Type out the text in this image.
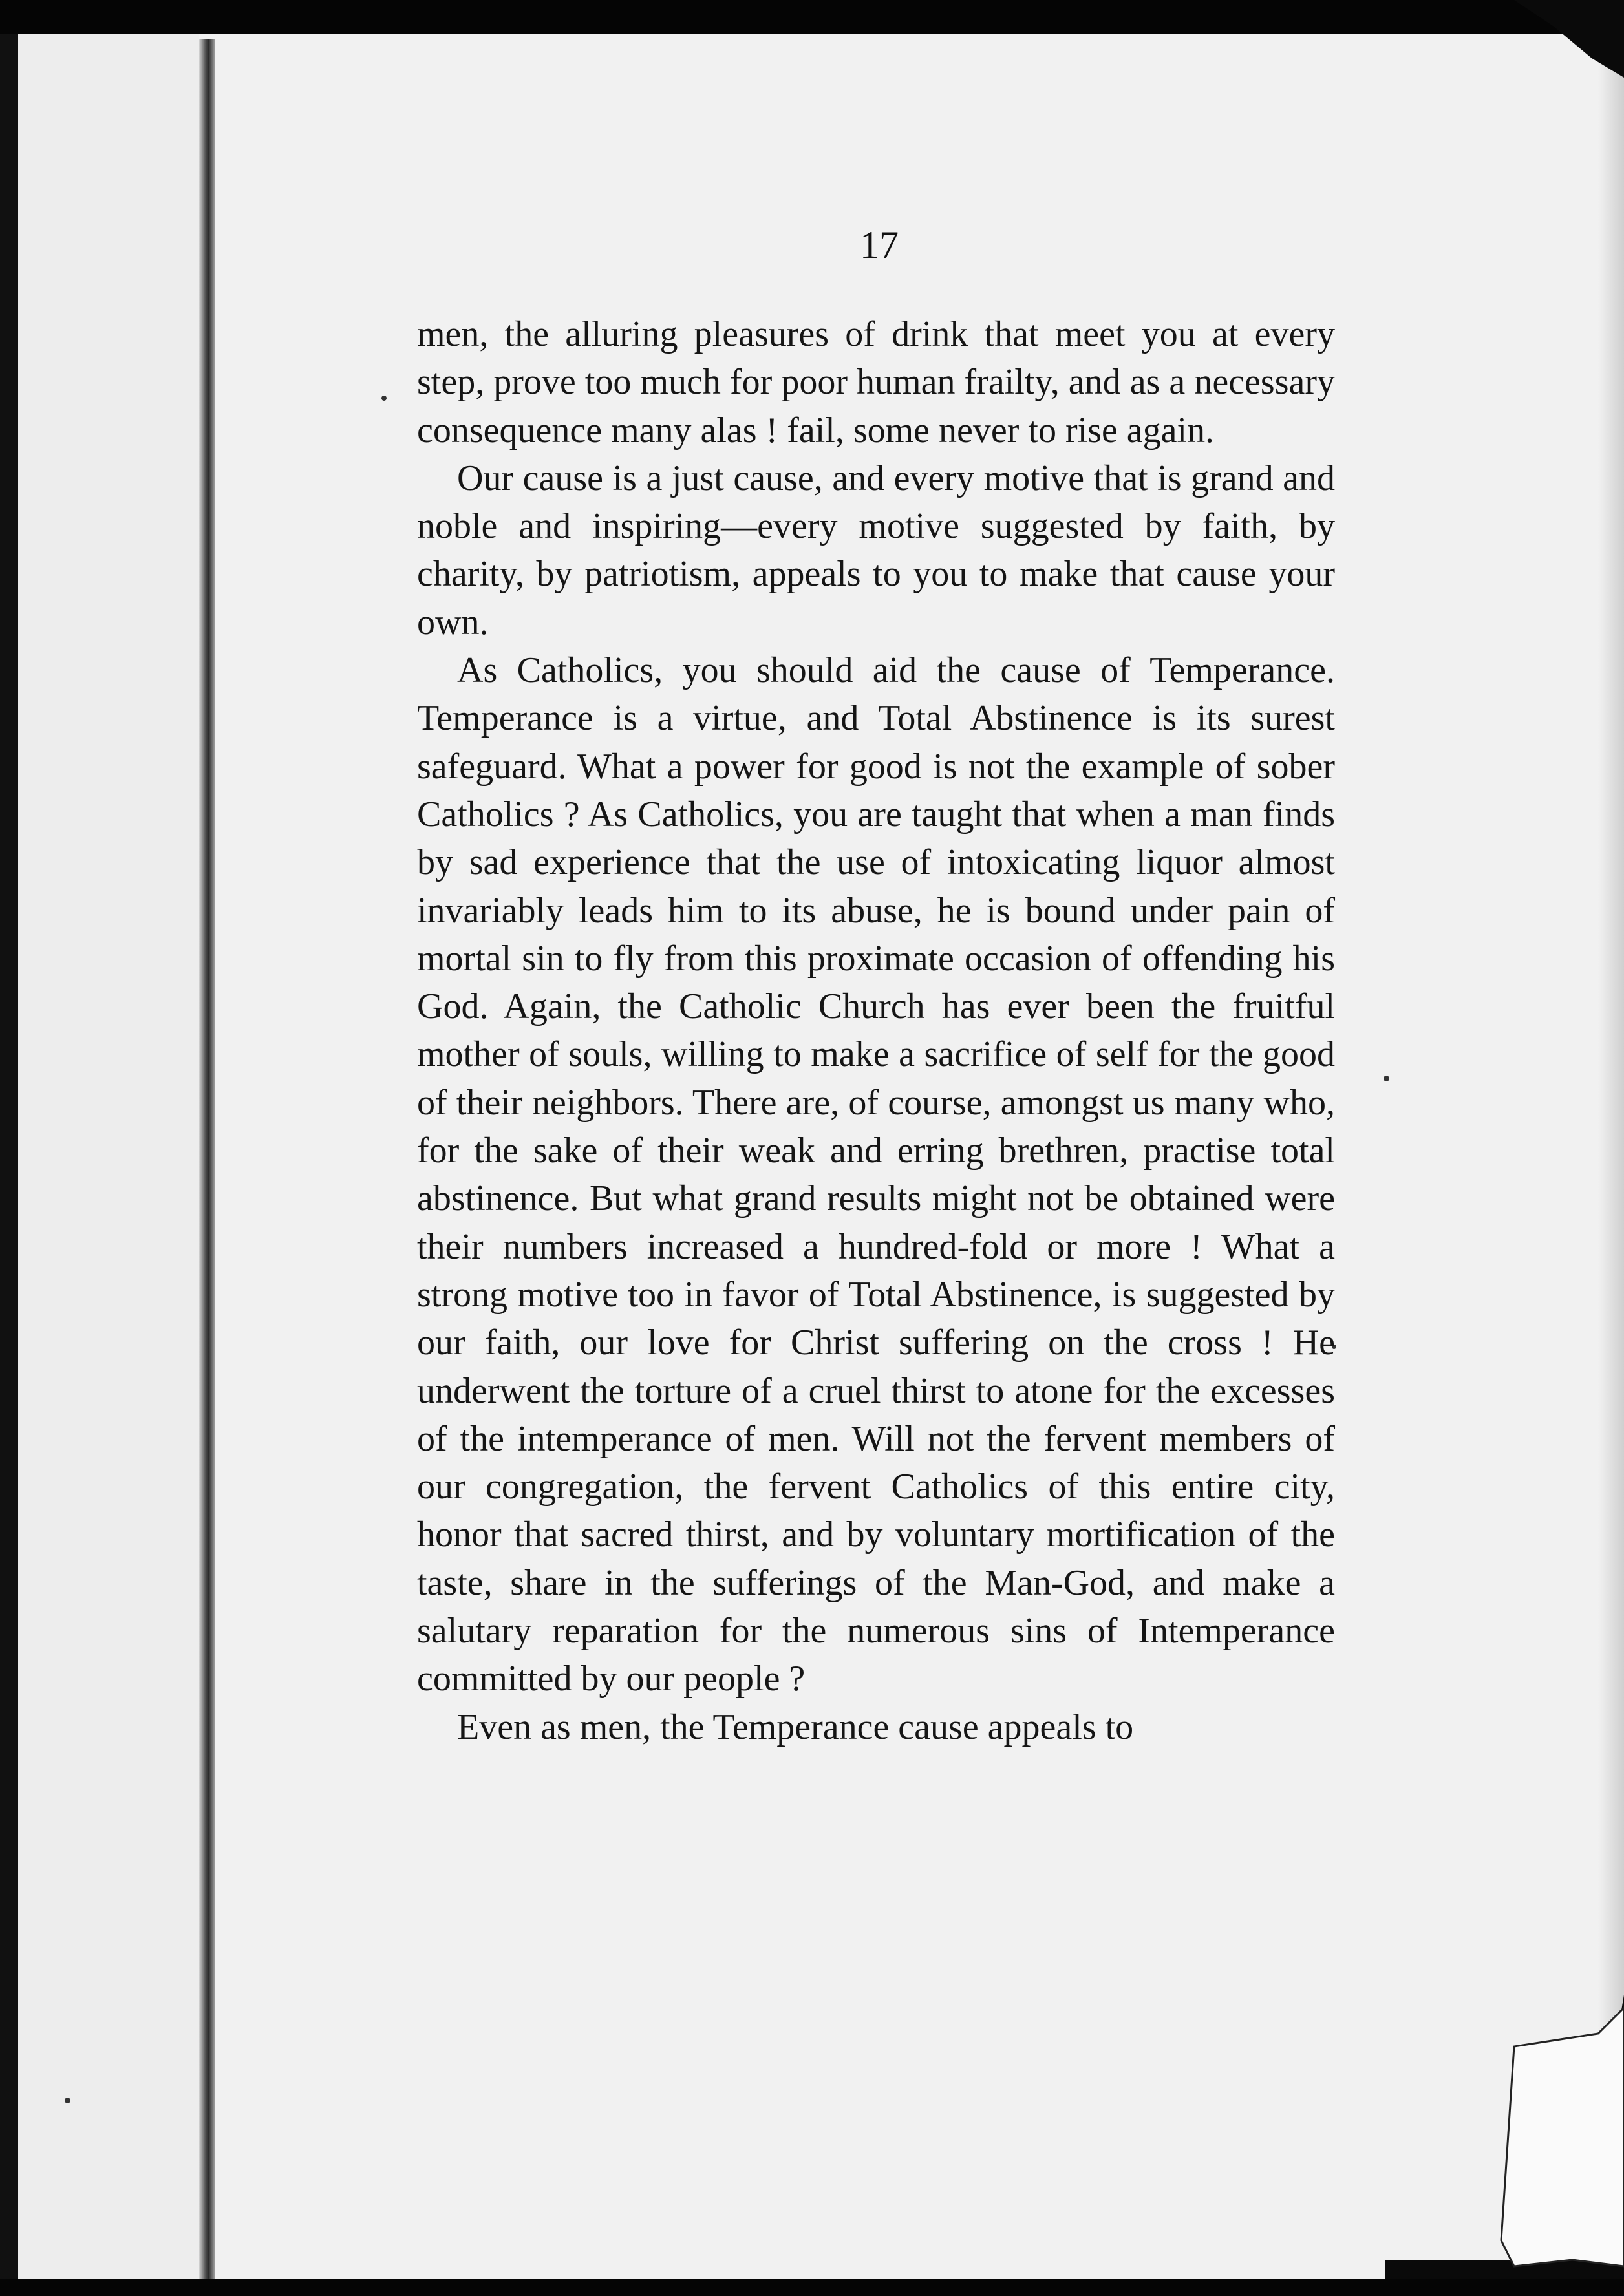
17

men, the alluring pleasures of drink that meet you at every step, prove too much for poor human frailty, and as a necessary consequence many alas ! fail, some never to rise again.

Our cause is a just cause, and every motive that is grand and noble and inspiring—every motive suggested by faith, by charity, by patriotism, appeals to you to make that cause your own.

As Catholics, you should aid the cause of Temperance. Temperance is a virtue, and Total Abstinence is its surest safeguard. What a power for good is not the example of sober Catholics ? As Catholics, you are taught that when a man finds by sad experience that the use of intoxicating liquor almost invariably leads him to its abuse, he is bound under pain of mortal sin to fly from this proximate occasion of offending his God. Again, the Catholic Church has ever been the fruitful mother of souls, willing to make a sacrifice of self for the good of their neighbors. There are, of course, amongst us many who, for the sake of their weak and erring brethren, practise total abstinence. But what grand results might not be obtained were their numbers increased a hundred-fold or more ! What a strong motive too in favor of Total Abstinence, is suggested by our faith, our love for Christ suffering on the cross ! He underwent the torture of a cruel thirst to atone for the excesses of the intemperance of men. Will not the fervent members of our congregation, the fervent Catholics of this entire city, honor that sacred thirst, and by voluntary mortification of the taste, share in the sufferings of the Man-God, and make a salutary reparation for the numerous sins of Intemperance committed by our people ?

Even as men, the Temperance cause appeals to
